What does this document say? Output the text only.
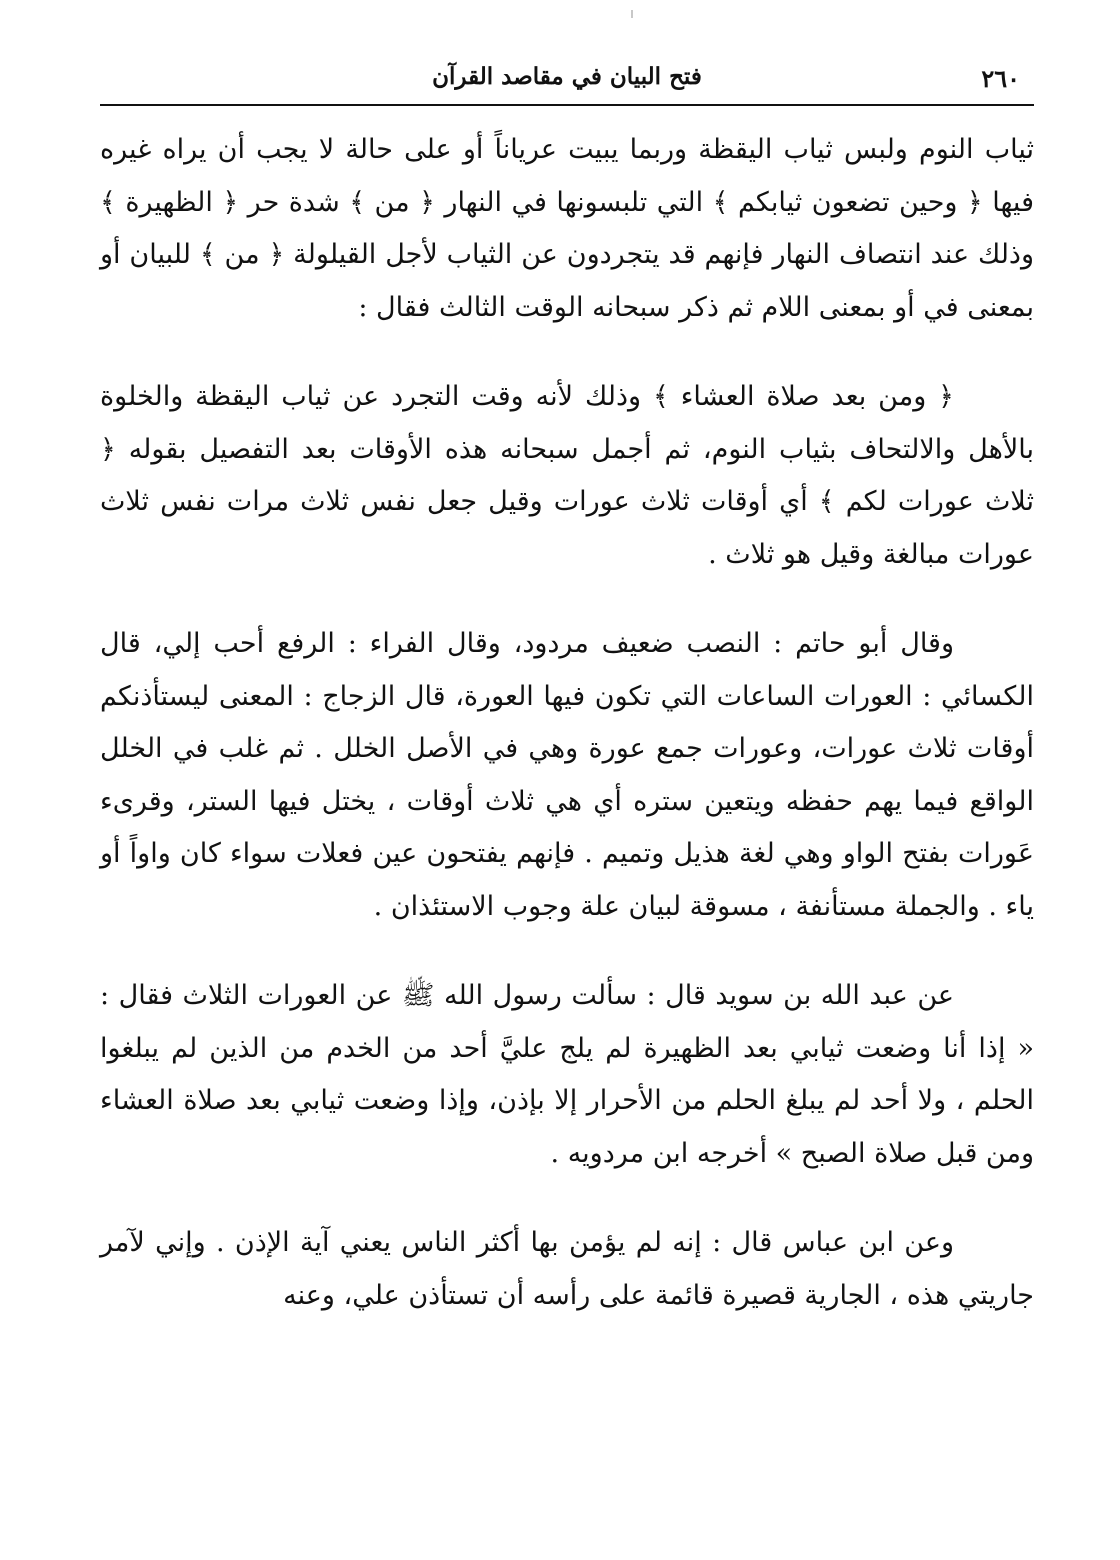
٢٦٠
فتح البيان في مقاصد القرآن

ثياب النوم ولبس ثياب اليقظة وربما يبيت عرياناً أو على حالة لا يجب أن يراه غيره فيها ﴿ وحين تضعون ثيابكم ﴾ التي تلبسونها في النهار ﴿ من ﴾ شدة حر ﴿ الظهيرة ﴾ وذلك عند انتصاف النهار فإنهم قد يتجردون عن الثياب لأجل القيلولة ﴿ من ﴾ للبيان أو بمعنى في أو بمعنى اللام ثم ذكر سبحانه الوقت الثالث فقال :

﴿ ومن بعد صلاة العشاء ﴾ وذلك لأنه وقت التجرد عن ثياب اليقظة والخلوة بالأهل والالتحاف بثياب النوم، ثم أجمل سبحانه هذه الأوقات بعد التفصيل بقوله ﴿ ثلاث عورات لكم ﴾ أي أوقات ثلاث عورات وقيل جعل نفس ثلاث مرات نفس ثلاث عورات مبالغة وقيل هو ثلاث .

وقال أبو حاتم : النصب ضعيف مردود، وقال الفراء : الرفع أحب إلي، قال الكسائي : العورات الساعات التي تكون فيها العورة، قال الزجاج : المعنى ليستأذنكم أوقات ثلاث عورات، وعورات جمع عورة وهي في الأصل الخلل . ثم غلب في الخلل الواقع فيما يهم حفظه ويتعين ستره أي هي ثلاث أوقات ، يختل فيها الستر، وقرىء عَورات بفتح الواو وهي لغة هذيل وتميم . فإنهم يفتحون عين فعلات سواء كان واواً أو ياء . والجملة مستأنفة ، مسوقة لبيان علة وجوب الاستئذان .

عن عبد الله بن سويد قال : سألت رسول الله ﷺ عن العورات الثلاث فقال : « إذا أنا وضعت ثيابي بعد الظهيرة لم يلج عليَّ أحد من الخدم من الذين لم يبلغوا الحلم ، ولا أحد لم يبلغ الحلم من الأحرار إلا بإذن، وإذا وضعت ثيابي بعد صلاة العشاء ومن قبل صلاة الصبح » أخرجه ابن مردويه .

وعن ابن عباس قال : إنه لم يؤمن بها أكثر الناس يعني آية الإذن . وإني لآمر جاريتي هذه ، الجارية قصيرة قائمة على رأسه أن تستأذن علي، وعنه
